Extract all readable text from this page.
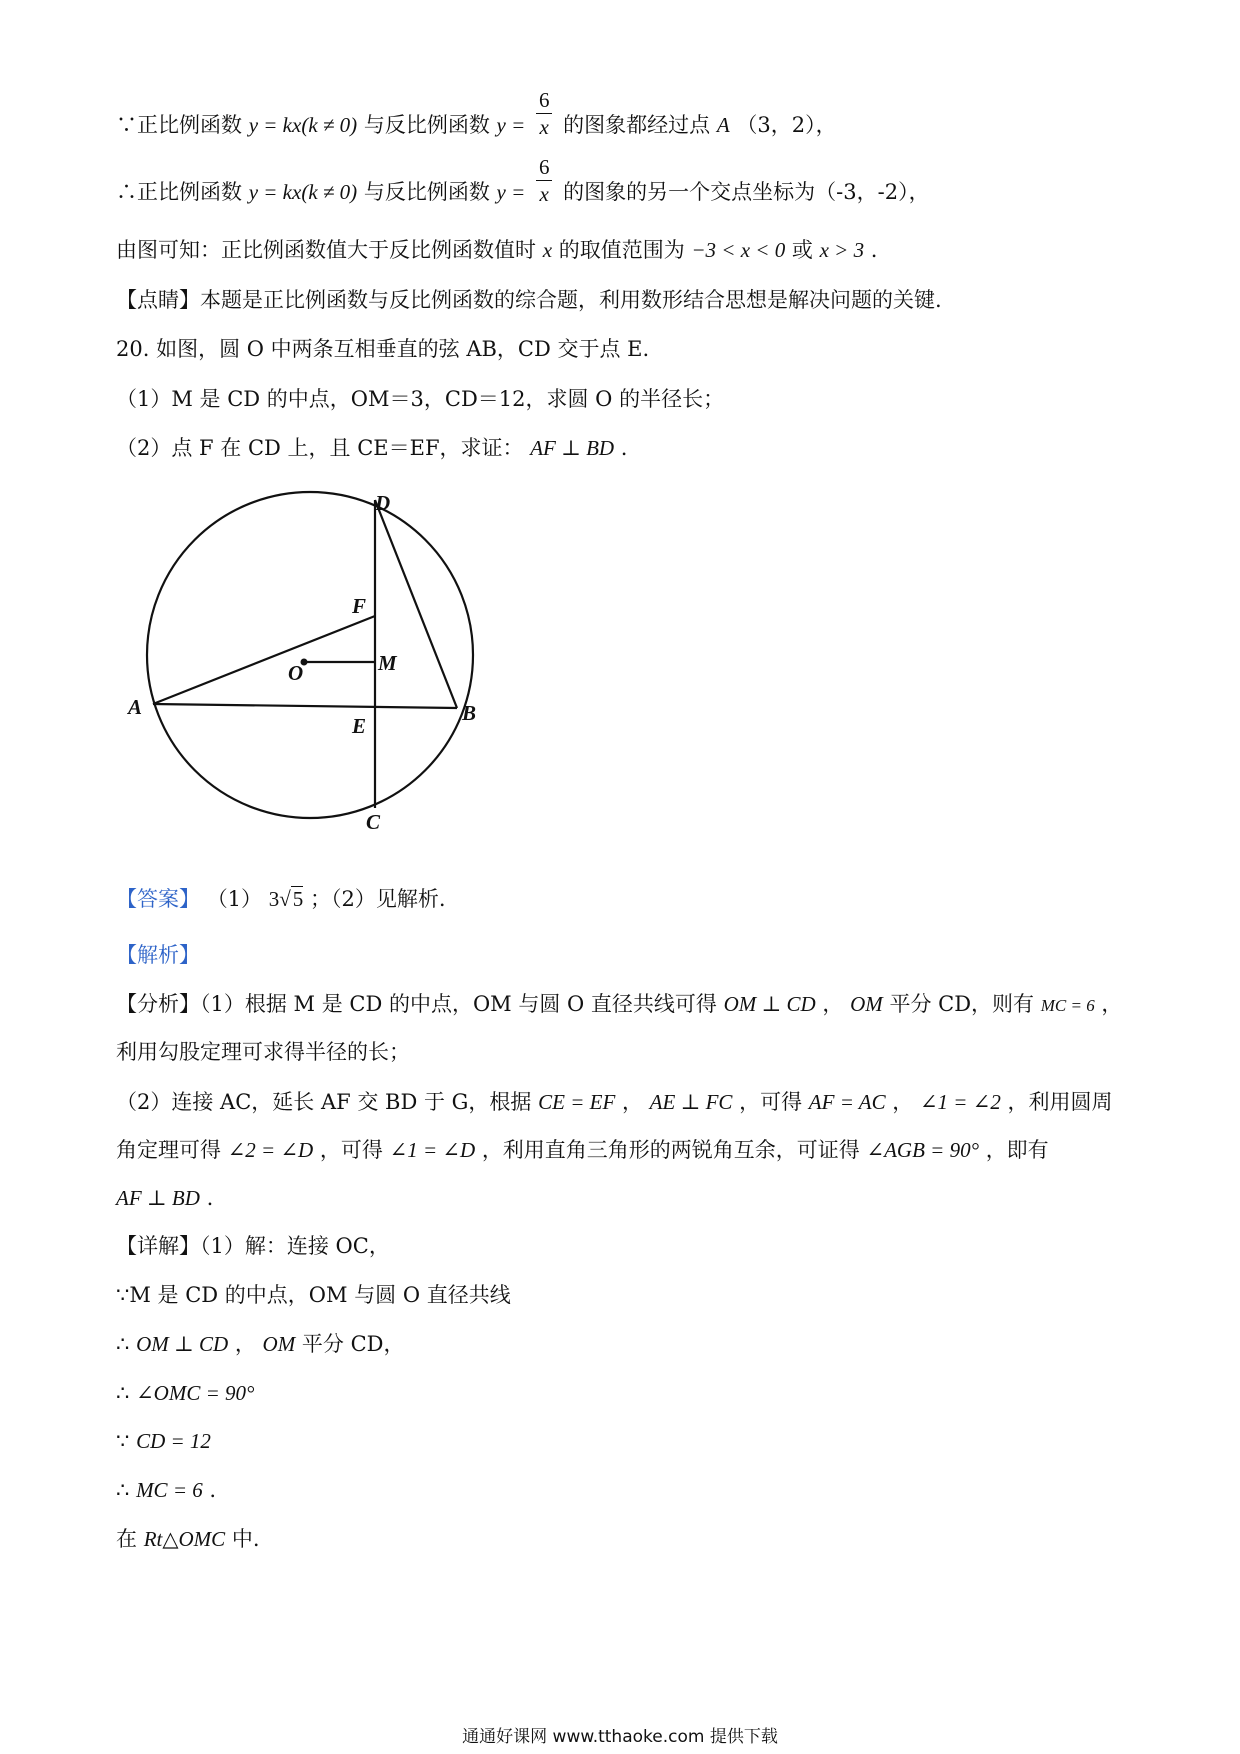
∵正比例函数 y = kx(k ≠ 0) 与反比例函数 $y = \frac{6}{x}$ 的图象都经过点 A （3，2），
∴正比例函数 y = kx(k ≠ 0) 与反比例函数 $y = \frac{6}{x}$ 的图象的另一个交点坐标为（-3，-2），
由图可知：正比例函数值大于反比例函数值时 x 的取值范围为 −3 < x < 0 或 x > 3 .
【点睛】本题是正比例函数与反比例函数的综合题，利用数形结合思想是解决问题的关键.
20. 如图，圆 O 中两条互相垂直的弦 AB，CD 交于点 E.
（1）M 是 CD 的中点，OM＝3，CD＝12，求圆 O 的半径长；
（2）点 F 在 CD 上，且 CE＝EF，求证： AF ⊥ BD .
D
F
M
O
A
E
B
C
【答案】 （1） 3√5 ；（2）见解析.
【解析】
【分析】（1）根据 M 是 CD 的中点，OM 与圆 O 直径共线可得 OM ⊥ CD ， OM 平分 CD，则有 MC = 6 ，
利用勾股定理可求得半径的长；
（2）连接 AC，延长 AF 交 BD 于 G，根据 CE = EF ， AE ⊥ FC ，可得 AF = AC ， ∠1 = ∠2 ，利用圆周
角定理可得 ∠2 = ∠D ，可得 ∠1 = ∠D ，利用直角三角形的两锐角互余，可证得 ∠AGB = 90° ，即有
AF ⊥ BD .
【详解】（1）解：连接 OC，
∵M 是 CD 的中点，OM 与圆 O 直径共线
∴ OM ⊥ CD ， OM 平分 CD，
∴ ∠OMC = 90°
∵ CD = 12
∴ MC = 6 .
在 Rt△OMC 中.
通通好课网 www.tthaoke.com 提供下载
